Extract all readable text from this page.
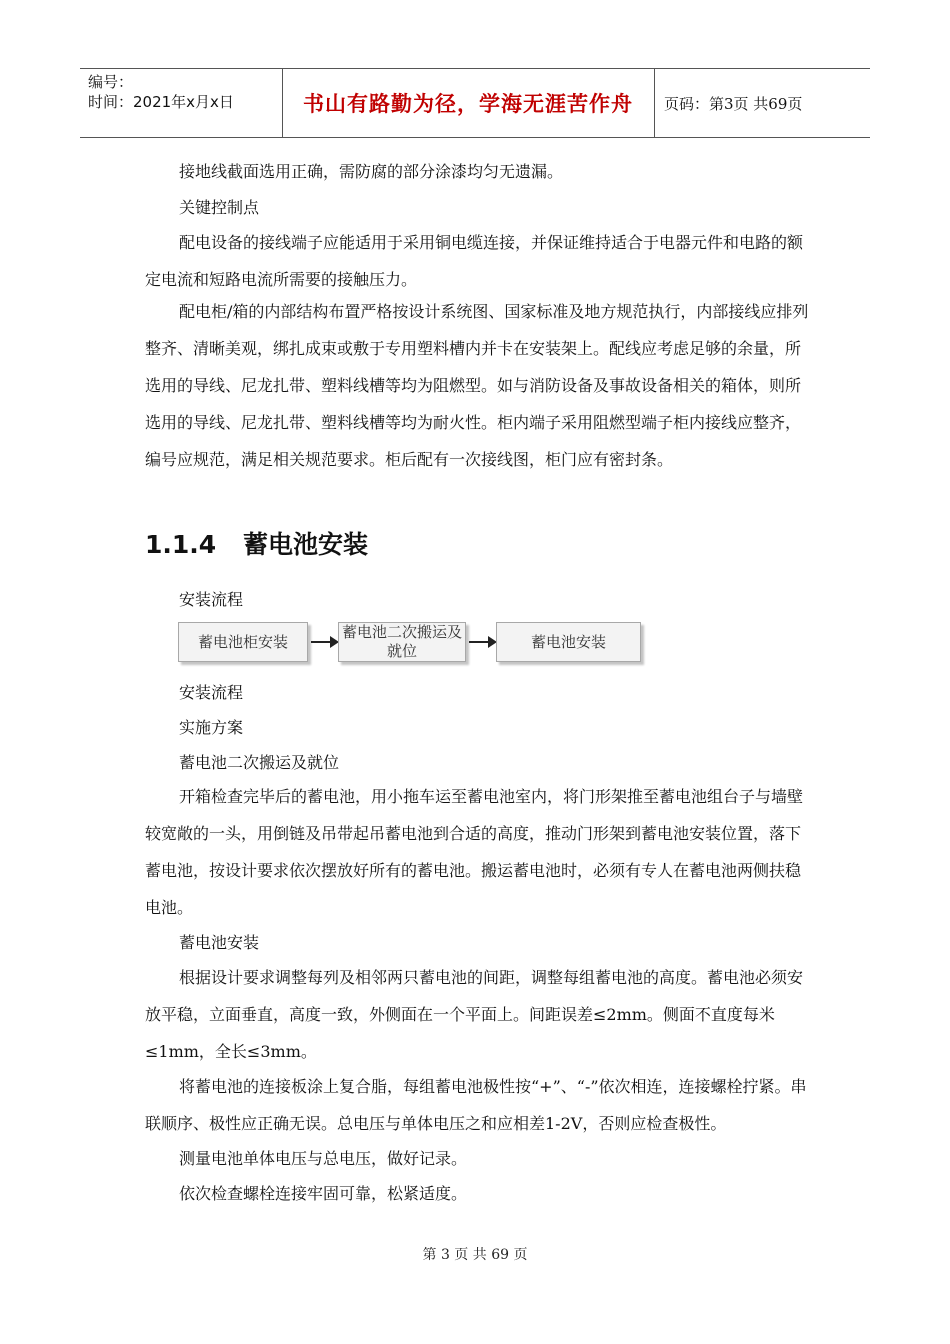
编号：
时间：2021年x月x日	书山有路勤为径，学海无涯苦作舟	页码：第3页 共69页

接地线截面选用正确，需防腐的部分涂漆均匀无遗漏。

关键控制点

配电设备的接线端子应能适用于采用铜电缆连接，并保证维持适合于电器元件和电路的额定电流和短路电流所需要的接触压力。

配电柜/箱的内部结构布置严格按设计系统图、国家标准及地方规范执行，内部接线应排列整齐、清晰美观，绑扎成束或敷于专用塑料槽内并卡在安装架上。配线应考虑足够的余量，所选用的导线、尼龙扎带、塑料线槽等均为阻燃型。如与消防设备及事故设备相关的箱体，则所选用的导线、尼龙扎带、塑料线槽等均为耐火性。柜内端子采用阻燃型端子柜内接线应整齐，编号应规范，满足相关规范要求。柜后配有一次接线图，柜门应有密封条。

1.1.4 蓄电池安装

安装流程

蓄电池柜安装
蓄电池二次搬运及就位
蓄电池安装

安装流程

实施方案

蓄电池二次搬运及就位

开箱检查完毕后的蓄电池，用小拖车运至蓄电池室内，将门形架推至蓄电池组台子与墙壁较宽敞的一头，用倒链及吊带起吊蓄电池到合适的高度，推动门形架到蓄电池安装位置，落下蓄电池，按设计要求依次摆放好所有的蓄电池。搬运蓄电池时，必须有专人在蓄电池两侧扶稳电池。

蓄电池安装

根据设计要求调整每列及相邻两只蓄电池的间距，调整每组蓄电池的高度。蓄电池必须安放平稳，立面垂直，高度一致，外侧面在一个平面上。间距误差≤2mm。侧面不直度每米≤1mm，全长≤3mm。

将蓄电池的连接板涂上复合脂，每组蓄电池极性按“+”、“-”依次相连，连接螺栓拧紧。串联顺序、极性应正确无误。总电压与单体电压之和应相差1-2V，否则应检查极性。

测量电池单体电压与总电压，做好记录。

依次检查螺栓连接牢固可靠，松紧适度。

第 3 页 共 69 页
